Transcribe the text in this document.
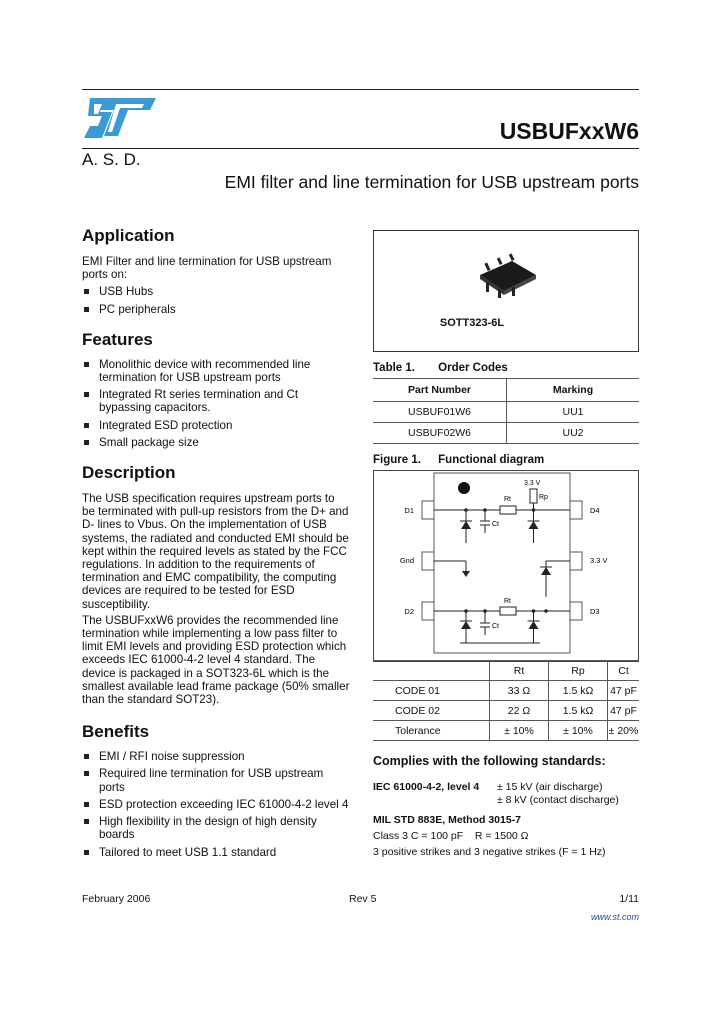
USBUFxxW6
A. S. D.
EMI filter and line termination for USB upstream ports
Application
EMI Filter and line termination for USB upstream ports on:
USB Hubs
PC peripherals
Features
Monolithic device with recommended line termination for USB upstream ports
Integrated Rt series termination and Ct bypassing capacitors.
Integrated ESD protection
Small package size
Description
The USB specification requires upstream ports to be terminated with pull-up resistors from the D+ and D- lines to Vbus. On the implementation of USB systems, the radiated and conducted EMI should be kept within the required levels as stated by the FCC regulations. In addition to the requirements of termination and EMC compatibility, the computing devices are required to be tested for ESD susceptibility.
The USBUFxxW6 provides the recommended line termination while implementing a low pass filter to limit EMI levels and providing ESD protection which exceeds IEC 61000-4-2 level 4 standard. The device is packaged in a SOT323-6L which is the smallest available lead frame package (50% smaller than the standard SOT23).
Benefits
EMI / RFI noise suppression
Required line termination for USB upstream ports
ESD protection exceeding IEC 61000-4-2 level 4
High flexibility in the design of high density boards
Tailored to meet USB 1.1 standard
SOTT323-6L
Table 1. Order Codes
Part Number	Marking
USBUF01W6	UU1
USBUF02W6	UU2
Figure 1. Functional diagram
D1
Gnd
D2
D4
3.3 V
D3
Rt
3.3 V
Rp
Ct
Rt
Ct
	Rt	Rp	Ct
CODE 01	33 Ω	1.5 kΩ	47 pF
CODE 02	22 Ω	1.5 kΩ	47 pF
Tolerance	± 10%	± 10%	± 20%
Complies with the following standards:
IEC 61000-4-2, level 4 ± 15 kV (air discharge)
± 8 kV (contact discharge)
MIL STD 883E, Method 3015-7
Class 3 C = 100 pF    R = 1500 Ω
3 positive strikes and 3 negative strikes (F = 1 Hz)
February 2006	Rev 5	1/11
www.st.com
